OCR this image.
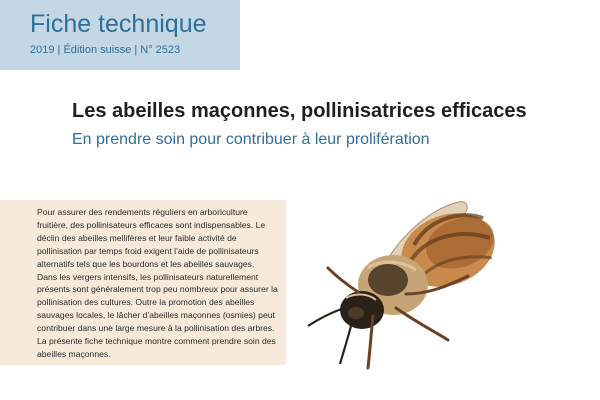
Fiche technique
2019 | Édition suisse | N° 2523
Les abeilles maçonnes, pollinisatrices efficaces
En prendre soin pour contribuer à leur prolifération

Pour assurer des rendements réguliers en arboriculture fruitière, des pollinisateurs efficaces sont indispensables. Le déclin des abeilles mellifères et leur faible activité de pollinisation par temps froid exigent l’aide de pollinisateurs alternatifs tels que les bourdons et les abeilles sauvages.

Dans les vergers intensifs, les pollinisateurs naturellement présents sont généralement trop peu nombreux pour assurer la pollinisation des cultures. Outre la promotion des abeilles sauvages locales, le lâcher d’abeilles maçonnes (osmies) peut contribuer dans une large mesure à la pollinisation des arbres. La présente fiche technique montre comment prendre soin des abeilles maçonnes.
